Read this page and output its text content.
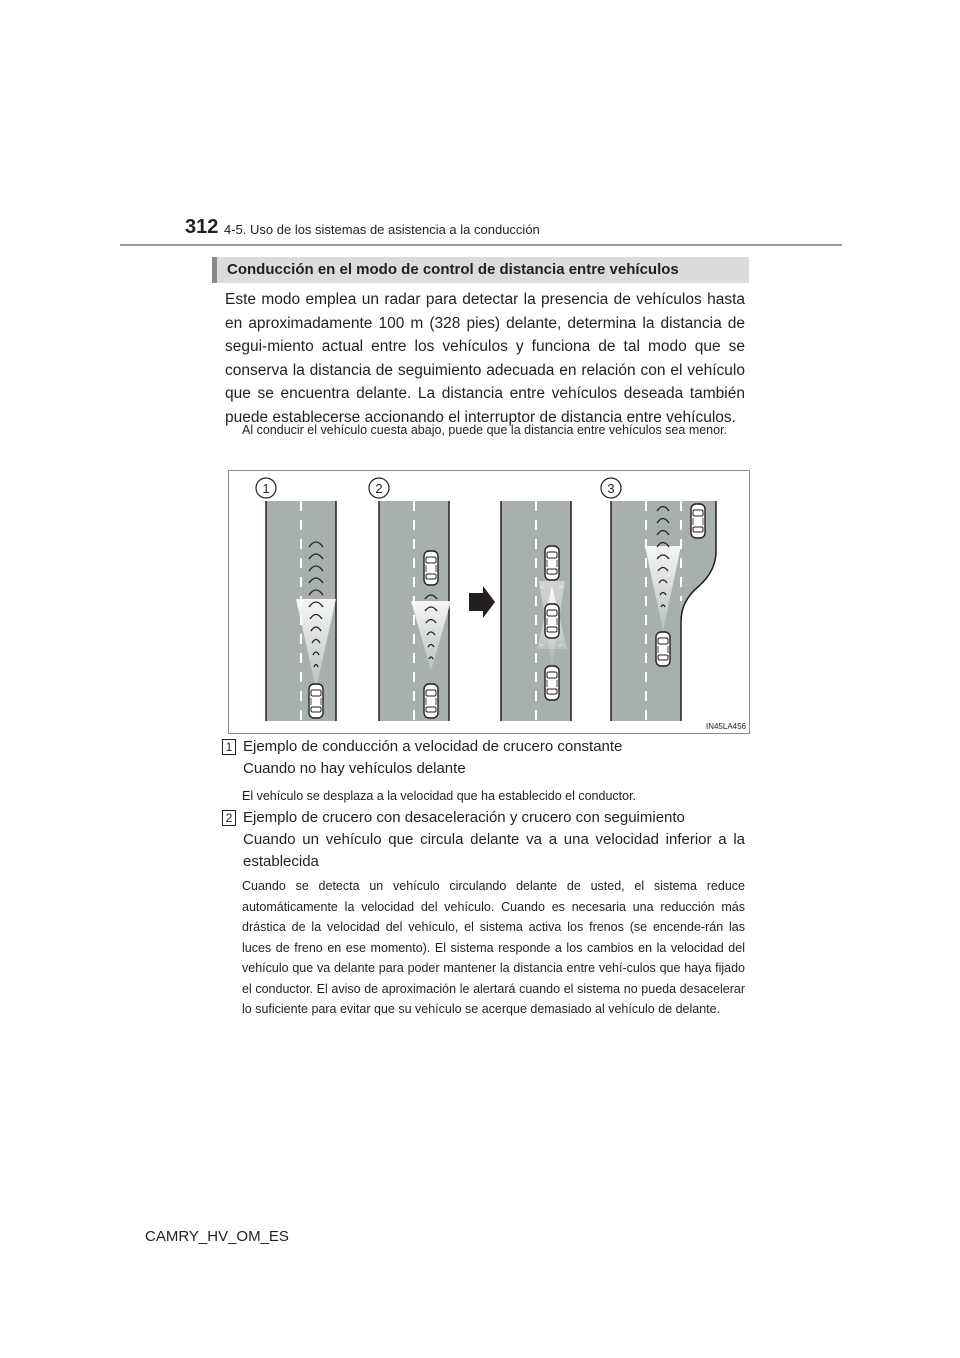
312 4-5. Uso de los sistemas de asistencia a la conducción
Conducción en el modo de control de distancia entre vehículos
Este modo emplea un radar para detectar la presencia de vehículos hasta en aproximadamente 100 m (328 pies) delante, determina la distancia de segui-miento actual entre los vehículos y funciona de tal modo que se conserva la distancia de seguimiento adecuada en relación con el vehículo que se encuentra delante. La distancia entre vehículos deseada también puede establecerse accionando el interruptor de distancia entre vehículos.
Al conducir el vehículo cuesta abajo, puede que la distancia entre vehículos sea menor.
'''	'''
'''	'''
1	2	3
IN45LA456
1 Ejemplo de conducción a velocidad de crucero constante
Cuando no hay vehículos delante
El vehículo se desplaza a la velocidad que ha establecido el conductor.
2 Ejemplo de crucero con desaceleración y crucero con seguimiento
Cuando un vehículo que circula delante va a una velocidad inferior a la establecida
Cuando se detecta un vehículo circulando delante de usted, el sistema reduce automáticamente la velocidad del vehículo. Cuando es necesaria una reducción más drástica de la velocidad del vehículo, el sistema activa los frenos (se encende-rán las luces de freno en ese momento). El sistema responde a los cambios en la velocidad del vehículo que va delante para poder mantener la distancia entre vehí-culos que haya fijado el conductor. El aviso de aproximación le alertará cuando el sistema no pueda desacelerar lo suficiente para evitar que su vehículo se acerque demasiado al vehículo de delante.
CAMRY_HV_OM_ES
